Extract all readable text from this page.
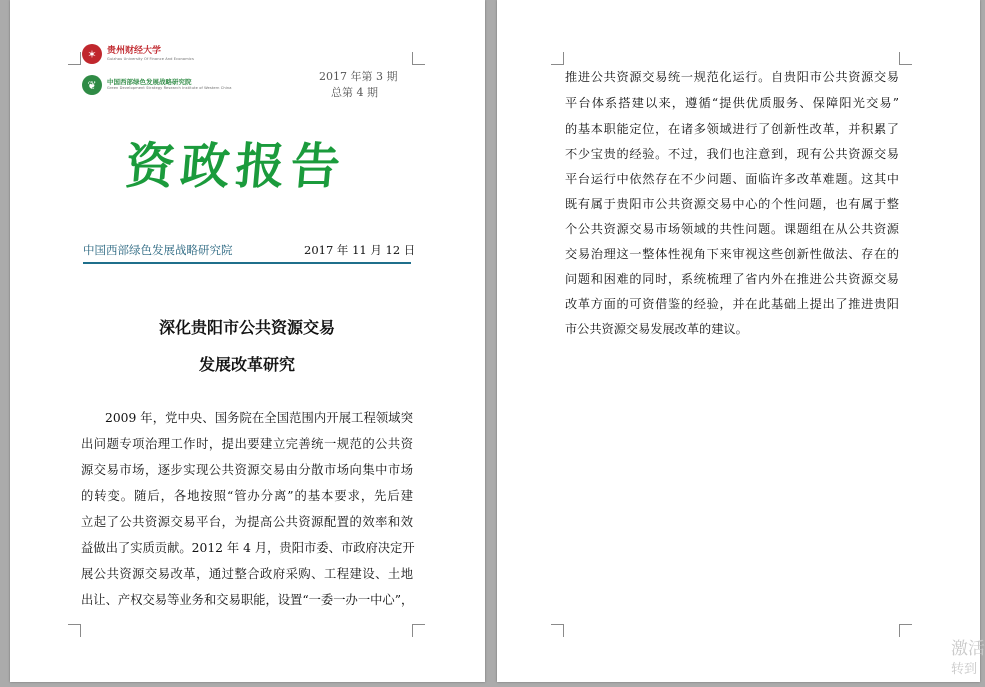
✶	贵州财经大学
Guizhou University Of Finance And Economics
❦	中国西部绿色发展战略研究院
Green Development Strategy Research Institute of Western China
2017 年第 3 期
总第 4 期
资政报告
中国西部绿色发展战略研究院	2017 年 11 月 12 日
深化贵阳市公共资源交易
发展改革研究
2009 年，党中央、国务院在全国范围内开展工程领域突
出问题专项治理工作时，提出要建立完善统一规范的公共资
源交易市场，逐步实现公共资源交易由分散市场向集中市场
的转变。随后，各地按照“管办分离”的基本要求，先后建
立起了公共资源交易平台，为提高公共资源配置的效率和效
益做出了实质贡献。2012 年 4 月，贵阳市委、市政府决定开
展公共资源交易改革，通过整合政府采购、工程建设、土地
出让、产权交易等业务和交易职能，设置“一委一办一中心”，
推进公共资源交易统一规范化运行。自贵阳市公共资源交易
平台体系搭建以来，遵循“提供优质服务、保障阳光交易”
的基本职能定位，在诸多领域进行了创新性改革，并积累了
不少宝贵的经验。不过，我们也注意到，现有公共资源交易
平台运行中依然存在不少问题、面临许多改革难题。这其中
既有属于贵阳市公共资源交易中心的个性问题，也有属于整
个公共资源交易市场领域的共性问题。课题组在从公共资源
交易治理这一整体性视角下来审视这些创新性做法、存在的
问题和困难的同时，系统梳理了省内外在推进公共资源交易
改革方面的可资借鉴的经验，并在此基础上提出了推进贵阳
市公共资源交易发展改革的建议。
激活
转到
